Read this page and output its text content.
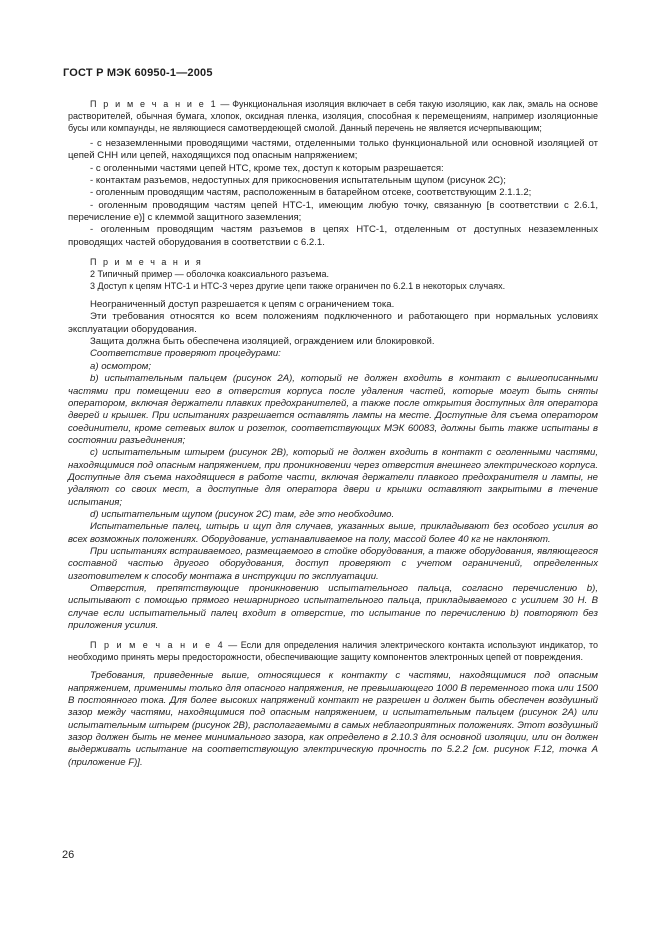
ГОСТ Р МЭК 60950-1—2005

П р и м е ч а н и е 1 — Функциональная изоляция включает в себя такую изоляцию, как лак, эмаль на основе растворителей, обычная бумага, хлопок, оксидная пленка, изоляция, способная к перемещениям, например изоляционные бусы или компаунды, не являющиеся самотвердеющей смолой. Данный перечень не является исчерпывающим;

- с незаземленными проводящими частями, отделенными только функциональной или основной изоляцией от цепей СНН или цепей, находящихся под опасным напряжением;

- с оголенными частями цепей НТС, кроме тех, доступ к которым разрешается:

- контактам разъемов, недоступных для прикосновения испытательным щупом (рисунок 2С);

- оголенным проводящим частям, расположенным в батарейном отсеке, соответствующим 2.1.1.2;

- оголенным проводящим частям цепей НТС-1, имеющим любую точку, связанную [в соответствии с 2.6.1, перечисление е)] с клеммой защитного заземления;

- оголенным проводящим частям разъемов в цепях НТС-1, отделенным от доступных незаземленных проводящих частей оборудования в соответствии с 6.2.1.

П р и м е ч а н и я

2 Типичный пример — оболочка коаксиального разъема.

3 Доступ к цепям НТС-1 и НТС-3 через другие цепи также ограничен по 6.2.1 в некоторых случаях.

Неограниченный доступ разрешается к цепям с ограничением тока.

Эти требования относятся ко всем положениям подключенного и работающего при нормальных условиях эксплуатации оборудования.

Защита должна быть обеспечена изоляцией, ограждением или блокировкой.

Соответствие проверяют процедурами:

а) осмотром;

b) испытательным пальцем (рисунок 2А), который не должен входить в контакт с вышеописанными частями при помещении его в отверстия корпуса после удаления частей, которые могут быть сняты оператором, включая держатели плавких предохранителей, а также после открытия доступных для оператора дверей и крышек. При испытаниях разрешается оставлять лампы на месте. Доступные для съема оператором соединители, кроме сетевых вилок и розеток, соответствующих МЭК 60083, должны быть также испытаны в состоянии разъединения;

с) испытательным штырем (рисунок 2В), который не должен входить в контакт с оголенными частями, находящимися под опасным напряжением, при проникновении через отверстия внешнего электрического корпуса. Доступные для съема находящиеся в работе части, включая держатели плавкого предохранителя и лампы, не удаляют со своих мест, а доступные для оператора двери и крышки оставляют закрытыми в течение испытания;

d) испытательным щупом (рисунок 2С) там, где это необходимо.

Испытательные палец, штырь и щуп для случаев, указанных выше, прикладывают без особого усилия во всех возможных положениях. Оборудование, устанавливаемое на полу, массой более 40 кг не наклоняют.

При испытаниях встраиваемого, размещаемого в стойке оборудования, а также оборудования, являющегося составной частью другого оборудования, доступ проверяют с учетом ограничений, определенных изготовителем к способу монтажа в инструкции по эксплуатации.

Отверстия, препятствующие проникновению испытательного пальца, согласно перечислению b), испытывают с помощью прямого нешарнирного испытательного пальца, прикладываемого с усилием 30 Н. В случае если испытательный палец входит в отверстие, то испытание по перечислению b) повторяют без приложения усилия.

П р и м е ч а н и е 4 — Если для определения наличия электрического контакта используют индикатор, то необходимо принять меры предосторожности, обеспечивающие защиту компонентов электронных цепей от повреждения.

Требования, приведенные выше, относящиеся к контакту с частями, находящимися под опасным напряжением, применимы только для опасного напряжения, не превышающего 1000 В переменного тока или 1500 В постоянного тока. Для более высоких напряжений контакт не разрешен и должен быть обеспечен воздушный зазор между частями, находящимися под опасным напряжением, и испытательным пальцем (рисунок 2А) или испытательным штырем (рисунок 2В), располагаемыми в самых неблагоприятных положениях. Этот воздушный зазор должен быть не менее минимального зазора, как определено в 2.10.3 для основной изоляции, или он должен выдерживать испытание на соответствующую электрическую прочность по 5.2.2 [см. рисунок F.12, точка А (приложение F)].

26
